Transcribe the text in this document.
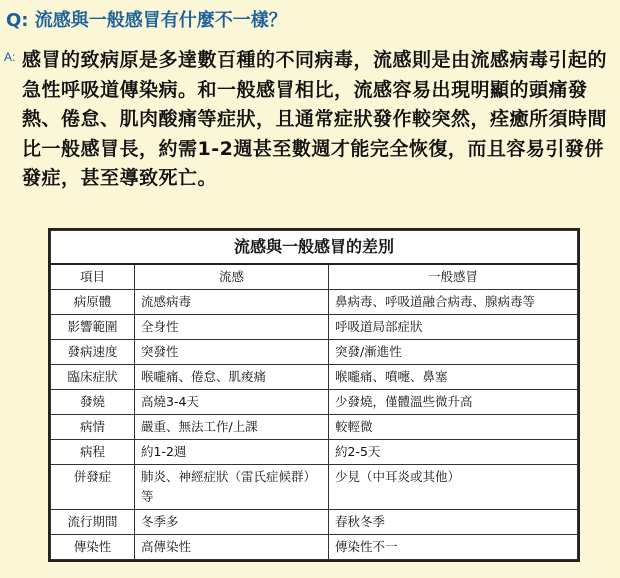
Q: 流感與一般感冒有什麼不一樣？
A: 感冒的致病原是多達數百種的不同病毒，流感則是由流感病毒引起的急性呼吸道傳染病。和一般感冒相比，流感容易出現明顯的頭痛發熱、倦怠、肌肉酸痛等症狀，且通常症狀發作較突然，痊癒所須時間比一般感冒長，約需1-2週甚至數週才能完全恢復，而且容易引發併發症，甚至導致死亡。
流感與一般感冒的差別		
項目	流感	一般感冒
病原體	流感病毒	鼻病毒、呼吸道融合病毒、腺病毒等
影響範圍	全身性	呼吸道局部症狀
發病速度	突發性	突發/漸進性
臨床症狀	喉嚨痛、倦怠、肌痠痛	喉嚨痛、噴嚏、鼻塞
發燒	高燒3-4天	少發燒，僅體溫些微升高
病情	嚴重、無法工作/上課	較輕微
病程	約1-2週	約2-5天
併發症	肺炎、神經症狀（雷氏症候群）等	少見（中耳炎或其他）
流行期間	冬季多	春秋冬季
傳染性	高傳染性	傳染性不一
